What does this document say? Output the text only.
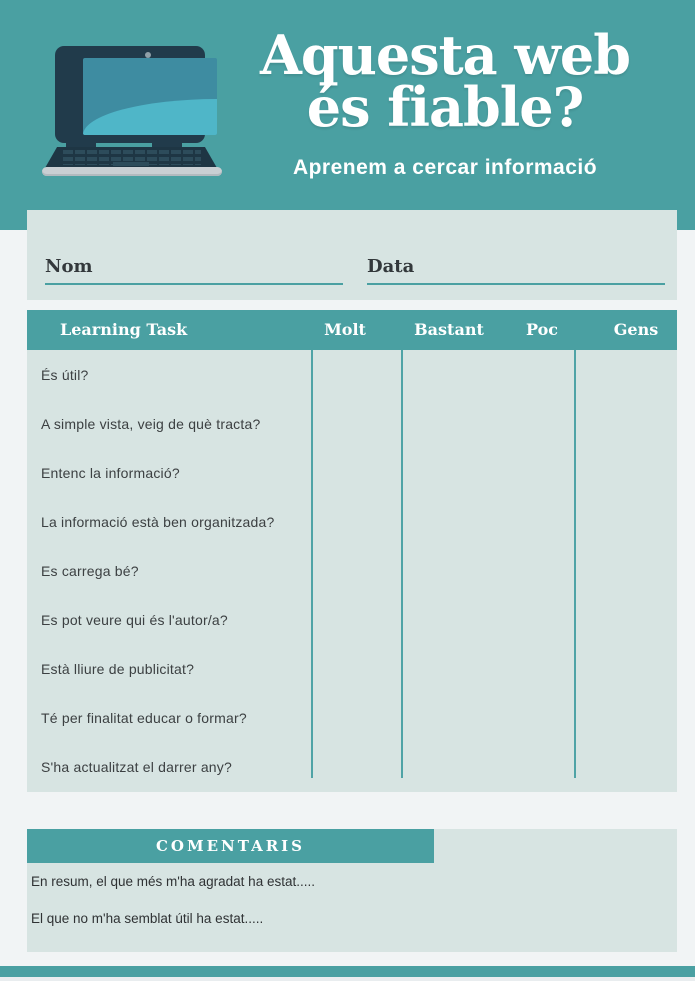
Aquesta web
és fiable?

Aprenem a cercar informació

Nom	Data
Learning Task	Molt	Bastant	Poc	Gens
És útil?
A simple vista, veig de què tracta?
Entenc la informació?
La informació està ben organitzada?
Es carrega bé?
Es pot veure qui és l'autor/a?
Està lliure de publicitat?
Té per finalitat educar o formar?
S'ha actualitzat el darrer any?
COMENTARIS
En resum, el que més m'ha agradat ha estat.....
El que no m'ha semblat útil ha estat.....
